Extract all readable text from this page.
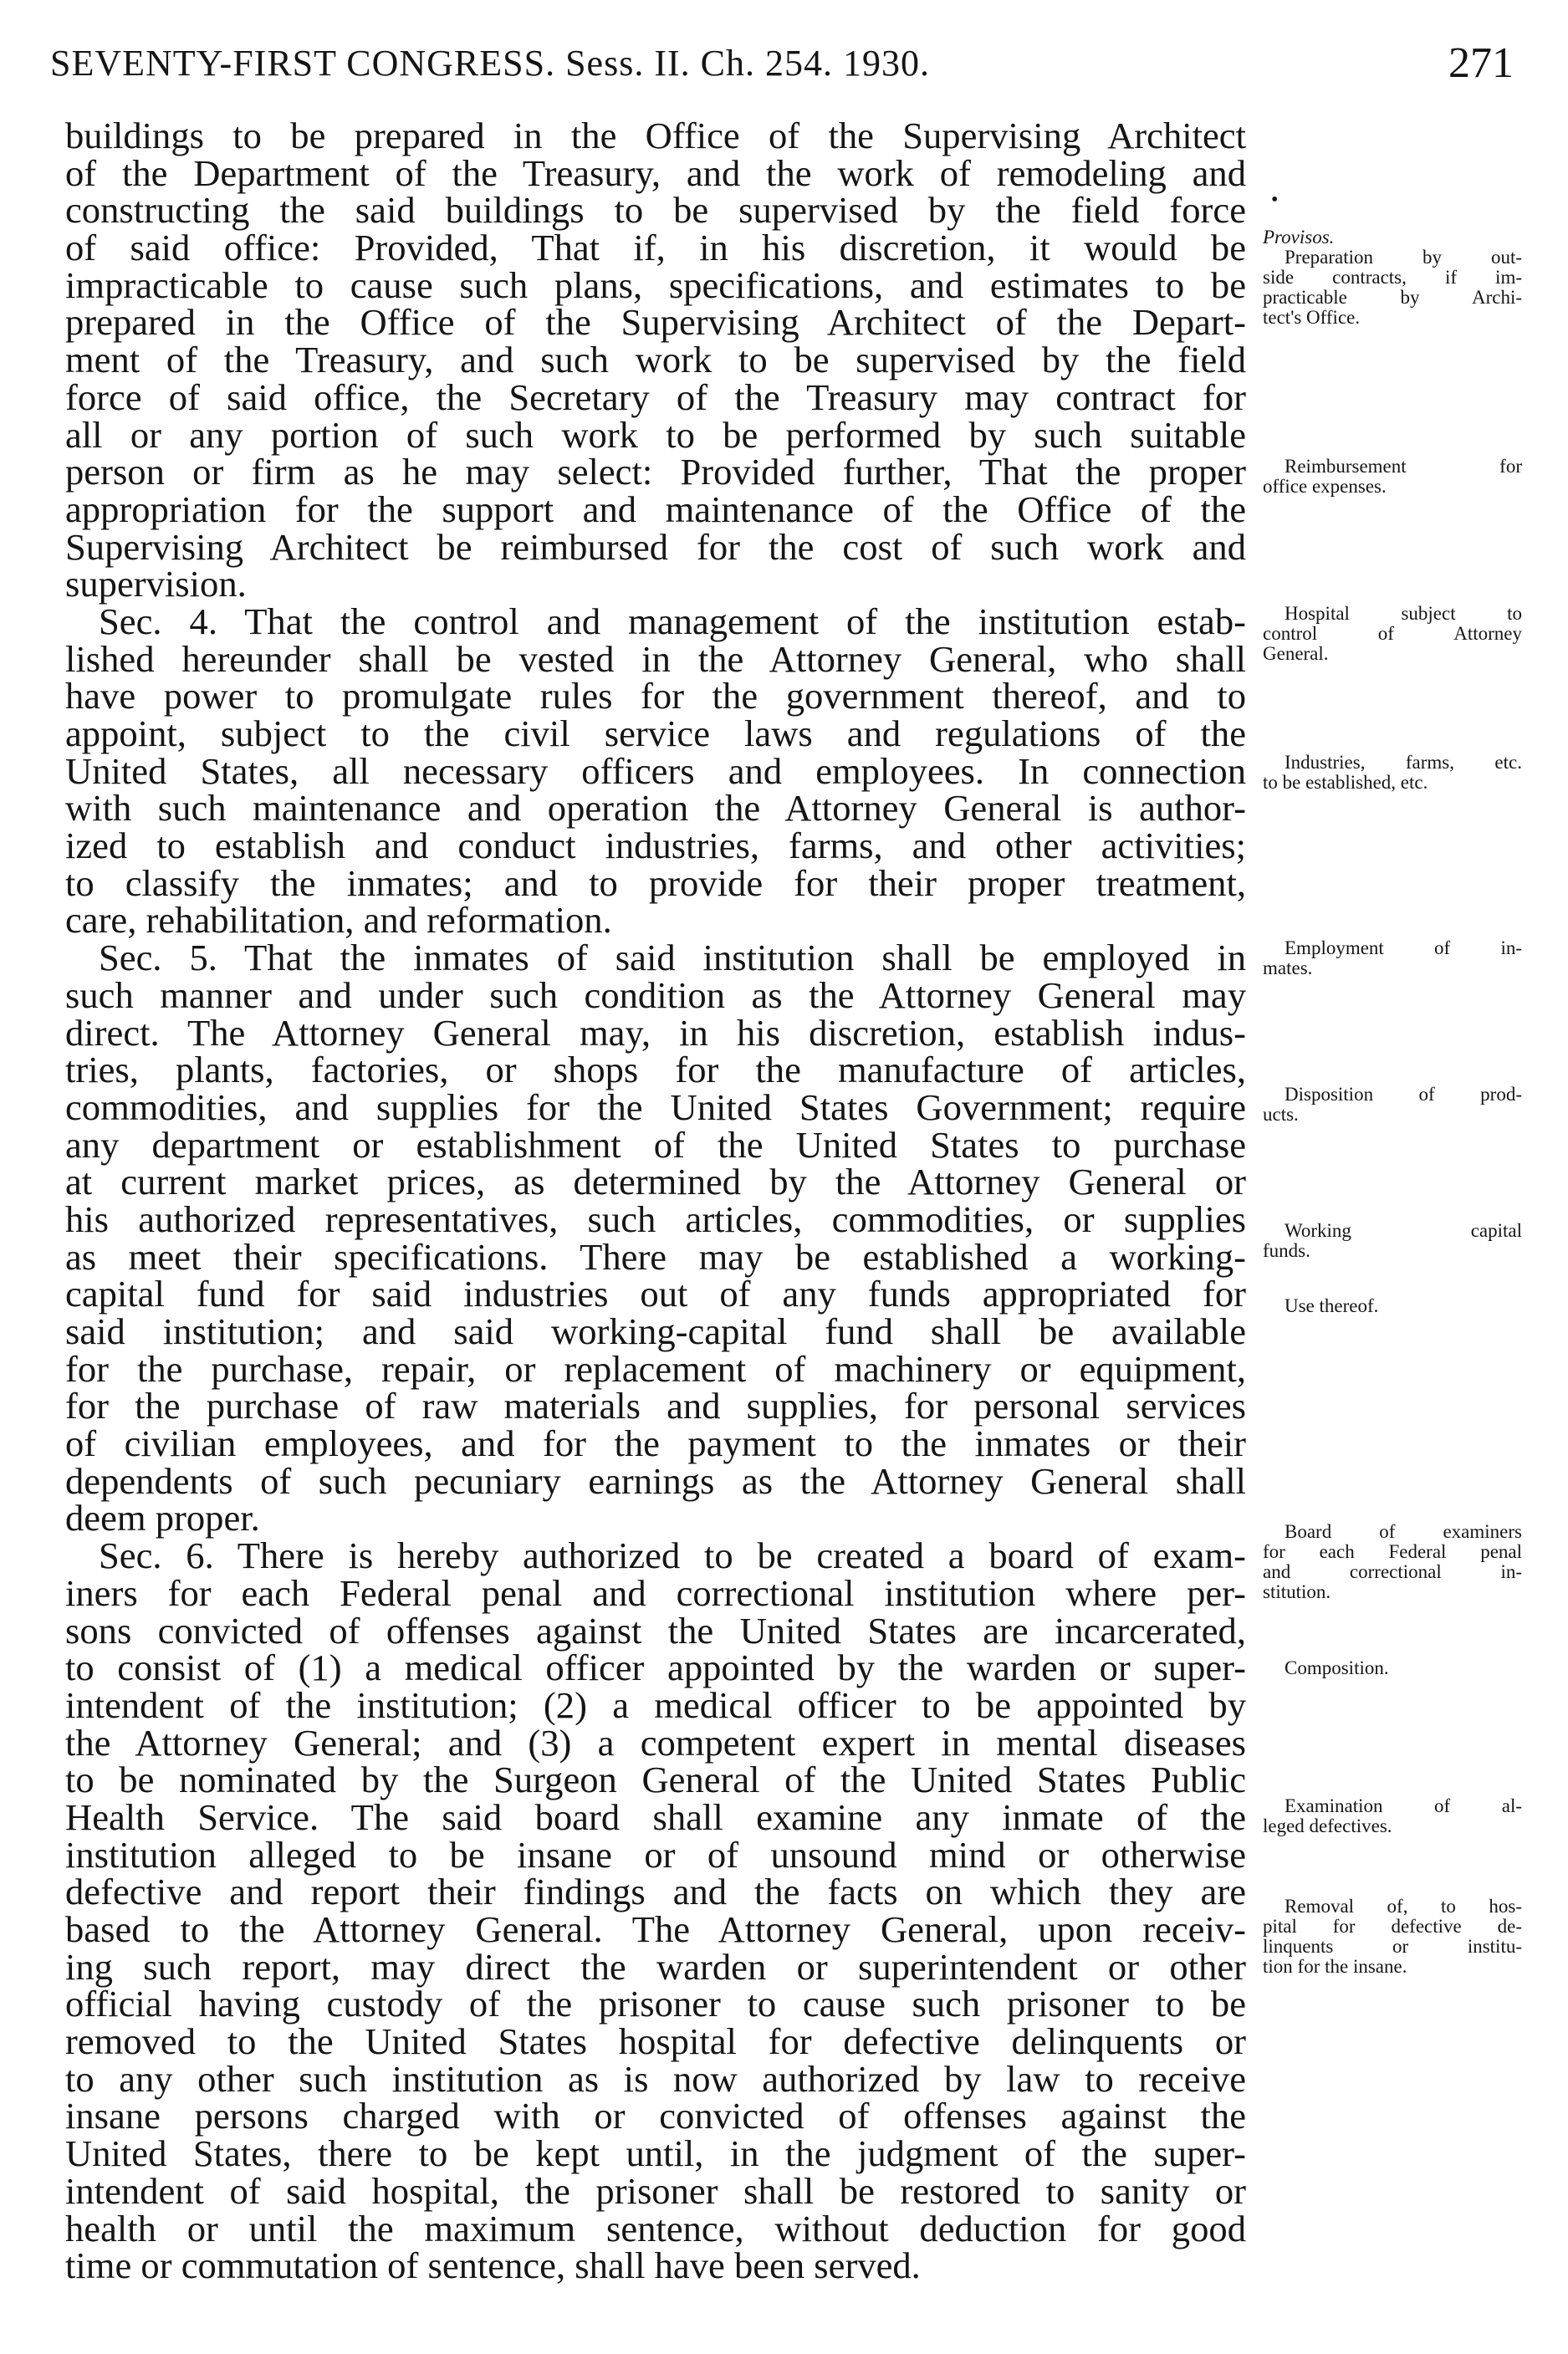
SEVENTY-FIRST CONGRESS. Sess. II. Ch. 254. 1930.	271
•
buildings to be prepared in the Office of the Supervising Architect
of the Department of the Treasury, and the work of remodeling and
constructing the said buildings to be supervised by the field force
of said office: Provided, That if, in his discretion, it would be
impracticable to cause such plans, specifications, and estimates to be
prepared in the Office of the Supervising Architect of the Depart-
ment of the Treasury, and such work to be supervised by the field
force of said office, the Secretary of the Treasury may contract for
all or any portion of such work to be performed by such suitable
person or firm as he may select: Provided further, That the proper
appropriation for the support and maintenance of the Office of the
Supervising Architect be reimbursed for the cost of such work and
supervision.
Sec. 4. That the control and management of the institution estab-
lished hereunder shall be vested in the Attorney General, who shall
have power to promulgate rules for the government thereof, and to
appoint, subject to the civil service laws and regulations of the
United States, all necessary officers and employees. In connection
with such maintenance and operation the Attorney General is author-
ized to establish and conduct industries, farms, and other activities;
to classify the inmates; and to provide for their proper treatment,
care, rehabilitation, and reformation.
Sec. 5. That the inmates of said institution shall be employed in
such manner and under such condition as the Attorney General may
direct. The Attorney General may, in his discretion, establish indus-
tries, plants, factories, or shops for the manufacture of articles,
commodities, and supplies for the United States Government; require
any department or establishment of the United States to purchase
at current market prices, as determined by the Attorney General or
his authorized representatives, such articles, commodities, or supplies
as meet their specifications. There may be established a working-
capital fund for said industries out of any funds appropriated for
said institution; and said working-capital fund shall be available
for the purchase, repair, or replacement of machinery or equipment,
for the purchase of raw materials and supplies, for personal services
of civilian employees, and for the payment to the inmates or their
dependents of such pecuniary earnings as the Attorney General shall
deem proper.
Sec. 6. There is hereby authorized to be created a board of exam-
iners for each Federal penal and correctional institution where per-
sons convicted of offenses against the United States are incarcerated,
to consist of (1) a medical officer appointed by the warden or super-
intendent of the institution; (2) a medical officer to be appointed by
the Attorney General; and (3) a competent expert in mental diseases
to be nominated by the Surgeon General of the United States Public
Health Service. The said board shall examine any inmate of the
institution alleged to be insane or of unsound mind or otherwise
defective and report their findings and the facts on which they are
based to the Attorney General. The Attorney General, upon receiv-
ing such report, may direct the warden or superintendent or other
official having custody of the prisoner to cause such prisoner to be
removed to the United States hospital for defective delinquents or
to any other such institution as is now authorized by law to receive
insane persons charged with or convicted of offenses against the
United States, there to be kept until, in the judgment of the super-
intendent of said hospital, the prisoner shall be restored to sanity or
health or until the maximum sentence, without deduction for good
time or commutation of sentence, shall have been served.
Provisos.
Preparation by out-
side contracts, if im-
practicable by Archi-
tect's Office.
Reimbursement for
office expenses.
Hospital subject to
control of Attorney
General.
Industries, farms, etc.
to be established, etc.
Employment of in-
mates.
Disposition of prod-
ucts.
Working capital
funds.
Use thereof.
Board of examiners
for each Federal penal
and correctional in-
stitution.
Composition.
Examination of al-
leged defectives.
Removal of, to hos-
pital for defective de-
linquents or institu-
tion for the insane.
